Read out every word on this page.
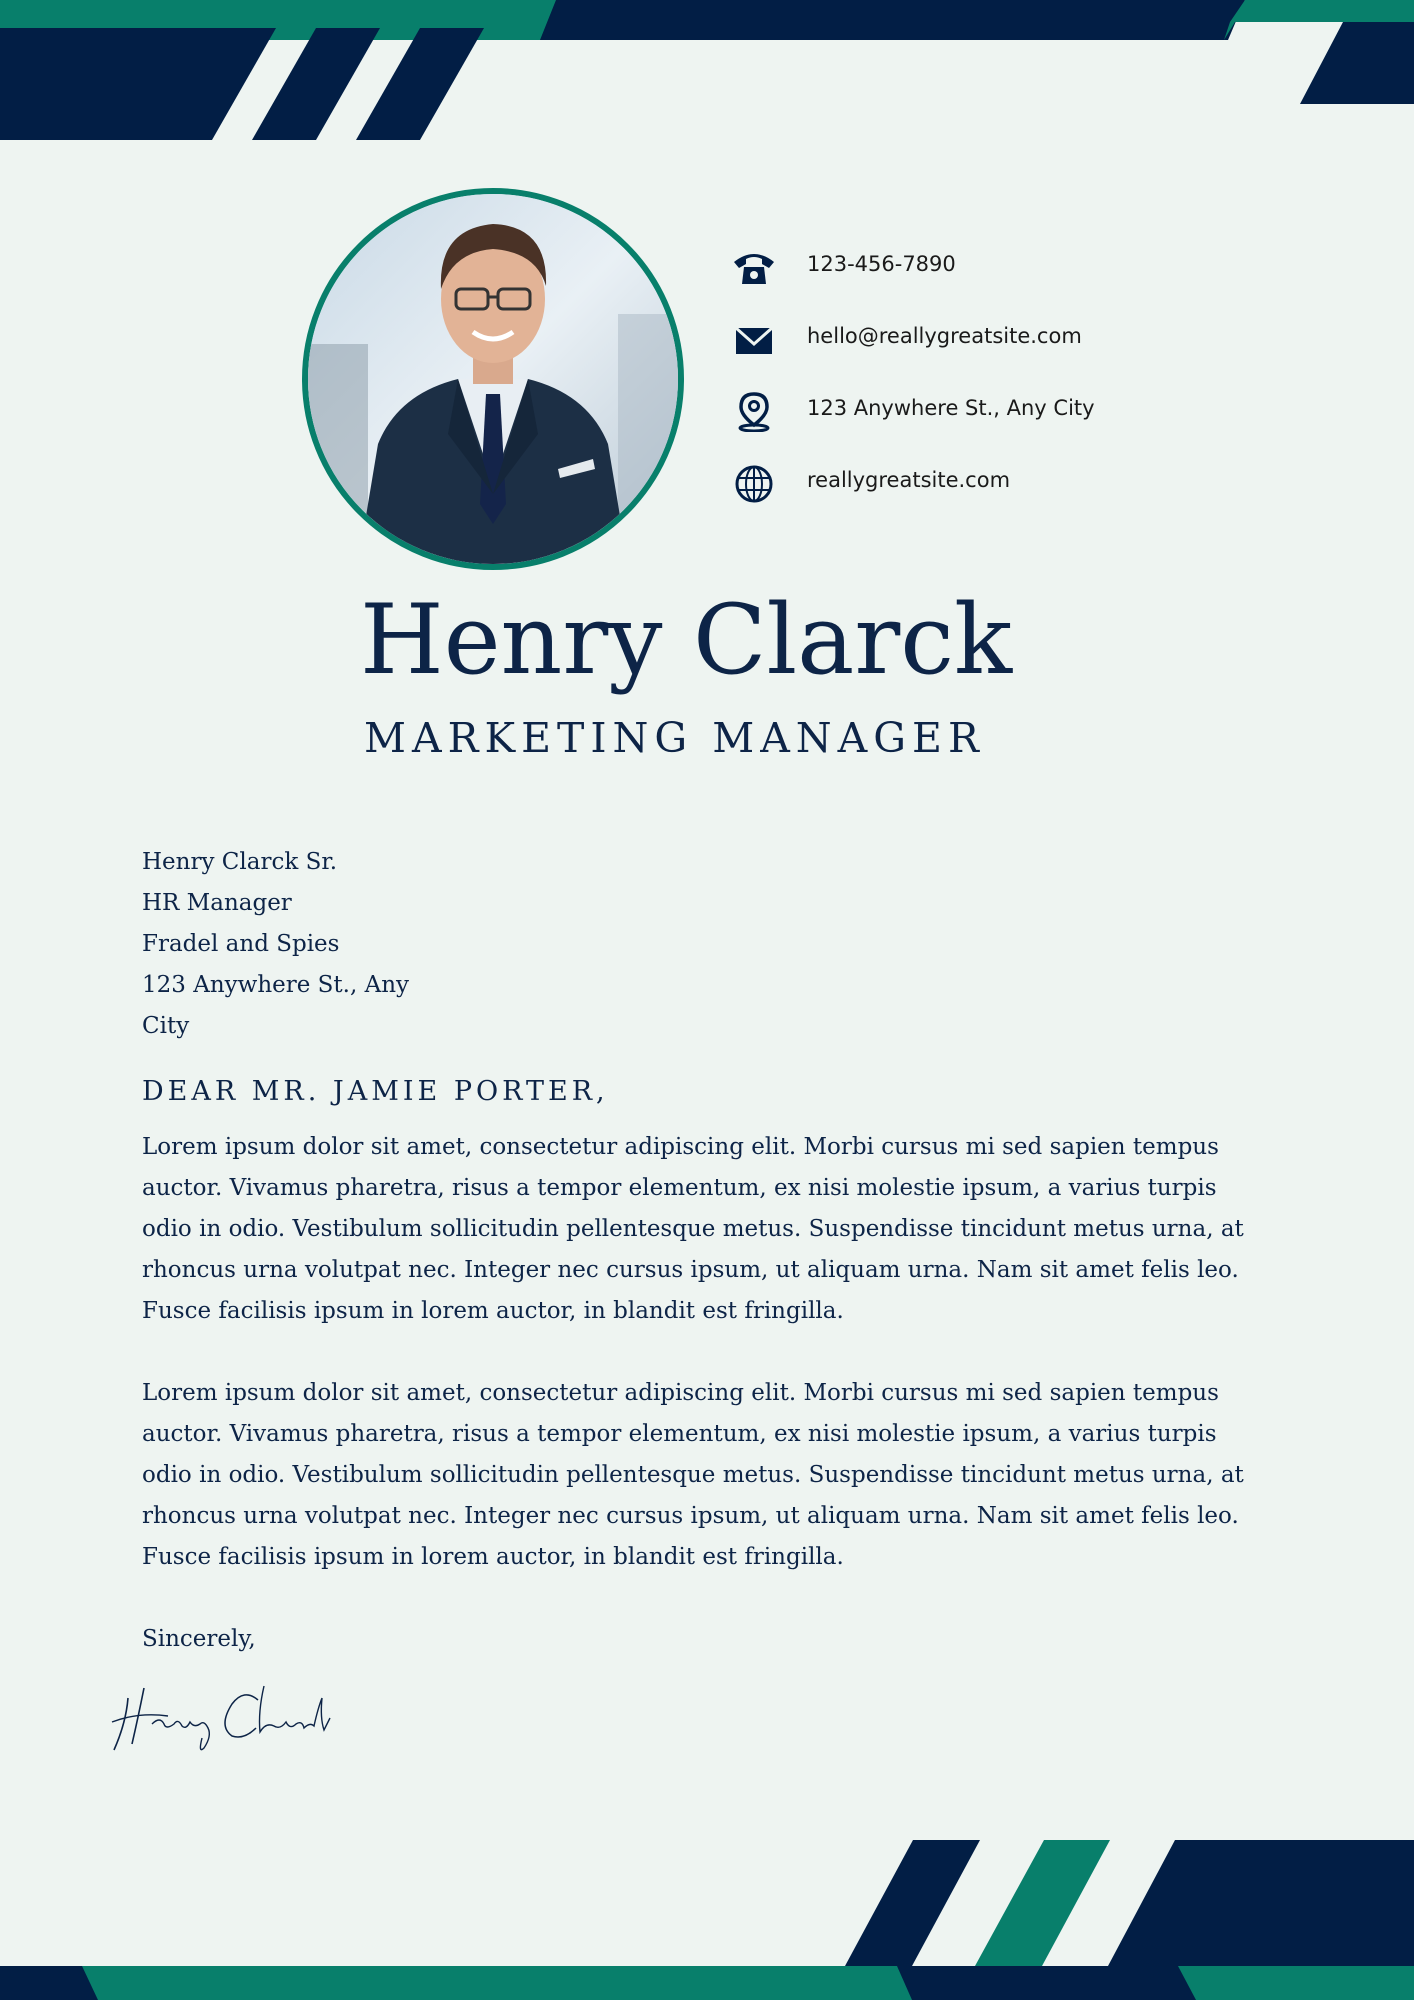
123-456-7890
hello@reallygreatsite.com
123 Anywhere St., Any City
reallygreatsite.com
Henry Clarck
MARKETING MANAGER
Henry Clarck Sr.
HR Manager
Fradel and Spies
123 Anywhere St., Any
City
DEAR MR. JAMIE PORTER,

Lorem ipsum dolor sit amet, consectetur adipiscing elit. Morbi cursus mi sed sapien tempus auctor. Vivamus pharetra, risus a tempor elementum, ex nisi molestie ipsum, a varius turpis odio in odio. Vestibulum sollicitudin pellentesque metus. Suspendisse tincidunt metus urna, at rhoncus urna volutpat nec. Integer nec cursus ipsum, ut aliquam urna. Nam sit amet felis leo. Fusce facilisis ipsum in lorem auctor, in blandit est fringilla.

Lorem ipsum dolor sit amet, consectetur adipiscing elit. Morbi cursus mi sed sapien tempus auctor. Vivamus pharetra, risus a tempor elementum, ex nisi molestie ipsum, a varius turpis odio in odio. Vestibulum sollicitudin pellentesque metus. Suspendisse tincidunt metus urna, at rhoncus urna volutpat nec. Integer nec cursus ipsum, ut aliquam urna. Nam sit amet felis leo. Fusce facilisis ipsum in lorem auctor, in blandit est fringilla.

Sincerely,
